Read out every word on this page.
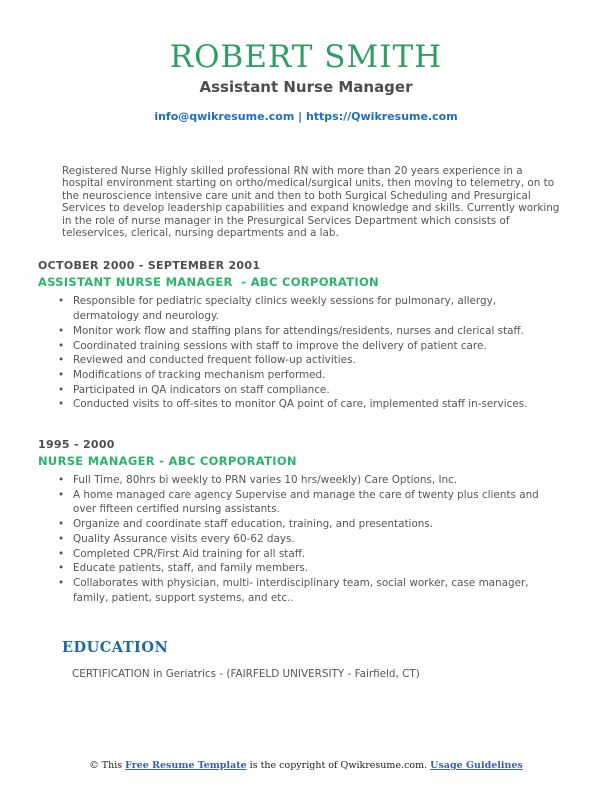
ROBERT SMITH
Assistant Nurse Manager
info@qwikresume.com | https://Qwikresume.com
Registered Nurse Highly skilled professional RN with more than 20 years experience in a hospital environment starting on ortho/medical/surgical units, then moving to telemetry, on to the neuroscience intensive care unit and then to both Surgical Scheduling and Presurgical Services to develop leadership capabilities and expand knowledge and skills. Currently working in the role of nurse manager in the Presurgical Services Department which consists of teleservices, clerical, nursing departments and a lab.
OCTOBER 2000 - SEPTEMBER 2001
ASSISTANT NURSE MANAGER  - ABC CORPORATION
• Responsible for pediatric specialty clinics weekly sessions for pulmonary, allergy, dermatology and neurology.
• Monitor work flow and staffing plans for attendings/residents, nurses and clerical staff.
• Coordinated training sessions with staff to improve the delivery of patient care.
• Reviewed and conducted frequent follow-up activities.
• Modifications of tracking mechanism performed.
• Participated in QA indicators on staff compliance.
• Conducted visits to off-sites to monitor QA point of care, implemented staff in-services.
1995 - 2000
NURSE MANAGER - ABC CORPORATION
• Full Time, 80hrs bi weekly to PRN varies 10 hrs/weekly) Care Options, Inc.
• A home managed care agency Supervise and manage the care of twenty plus clients and over fifteen certified nursing assistants.
• Organize and coordinate staff education, training, and presentations.
• Quality Assurance visits every 60-62 days.
• Completed CPR/First Aid training for all staff.
• Educate patients, staff, and family members.
• Collaborates with physician, multi- interdisciplinary team, social worker, case manager, family, patient, support systems, and etc..
EDUCATION
CERTIFICATION in Geriatrics - (FAIRFELD UNIVERSITY - Fairfield, CT)
© This Free Resume Template is the copyright of Qwikresume.com. Usage Guidelines
